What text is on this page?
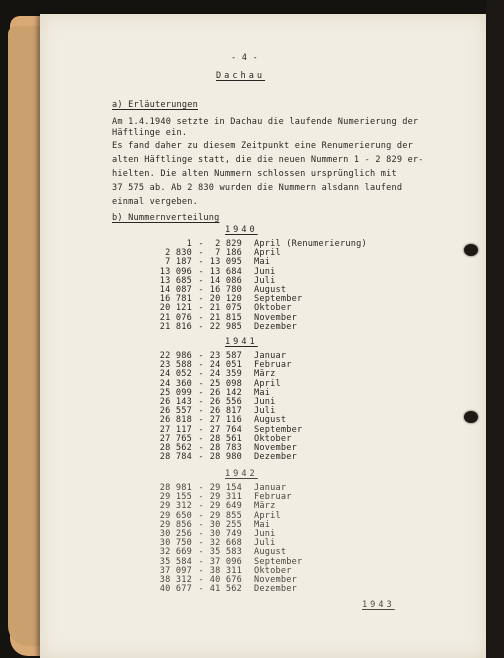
- 4 -
Dachau
a) Erläuterungen
Am 1.4.1940 setzte in Dachau die laufende Numerierung der
Häftlinge ein.
Es fand daher zu diesem Zeitpunkt eine Renumerierung der
alten Häftlinge statt, die die neuen Nummern 1 - 2 829 er-
hielten. Die alten Nummern schlossen ursprünglich mit
37 575 ab. Ab 2 830 wurden die Nummern alsdann laufend
einmal vergeben.
b) Nummernverteilung
1940
1 -	2 829 April (Renumerierung)
2 830 -	7 186 April
7 187 - 13 095 Mai
13 096 - 13 684 Juni
13 685 - 14 086 Juli
14 087 - 16 780 August
16 781 - 20 120 September
20 121 - 21 075 Oktober
21 076 - 21 815 November
21 816 - 22 985 Dezember
1941
22 986 - 23 587 Januar
23 588 - 24 051 Februar
24 052 - 24 359 März
24 360 - 25 098 April
25 099 - 26 142 Mai
26 143 - 26 556 Juni
26 557 - 26 817 Juli
26 818 - 27 116 August
27 117 - 27 764 September
27 765 - 28 561 Oktober
28 562 - 28 783 November
28 784 - 28 980 Dezember
1942
28 981 - 29 154 Januar
29 155 - 29 311 Februar
29 312 - 29 649 März
29 650 - 29 855 April
29 856 - 30 255 Mai
30 256 - 30 749 Juni
30 750 - 32 668 Juli
32 669 - 35 583 August
35 584 - 37 096 September
37 097 - 38 311 Oktober
38 312 - 40 676 November
40 677 - 41 562 Dezember
1943
